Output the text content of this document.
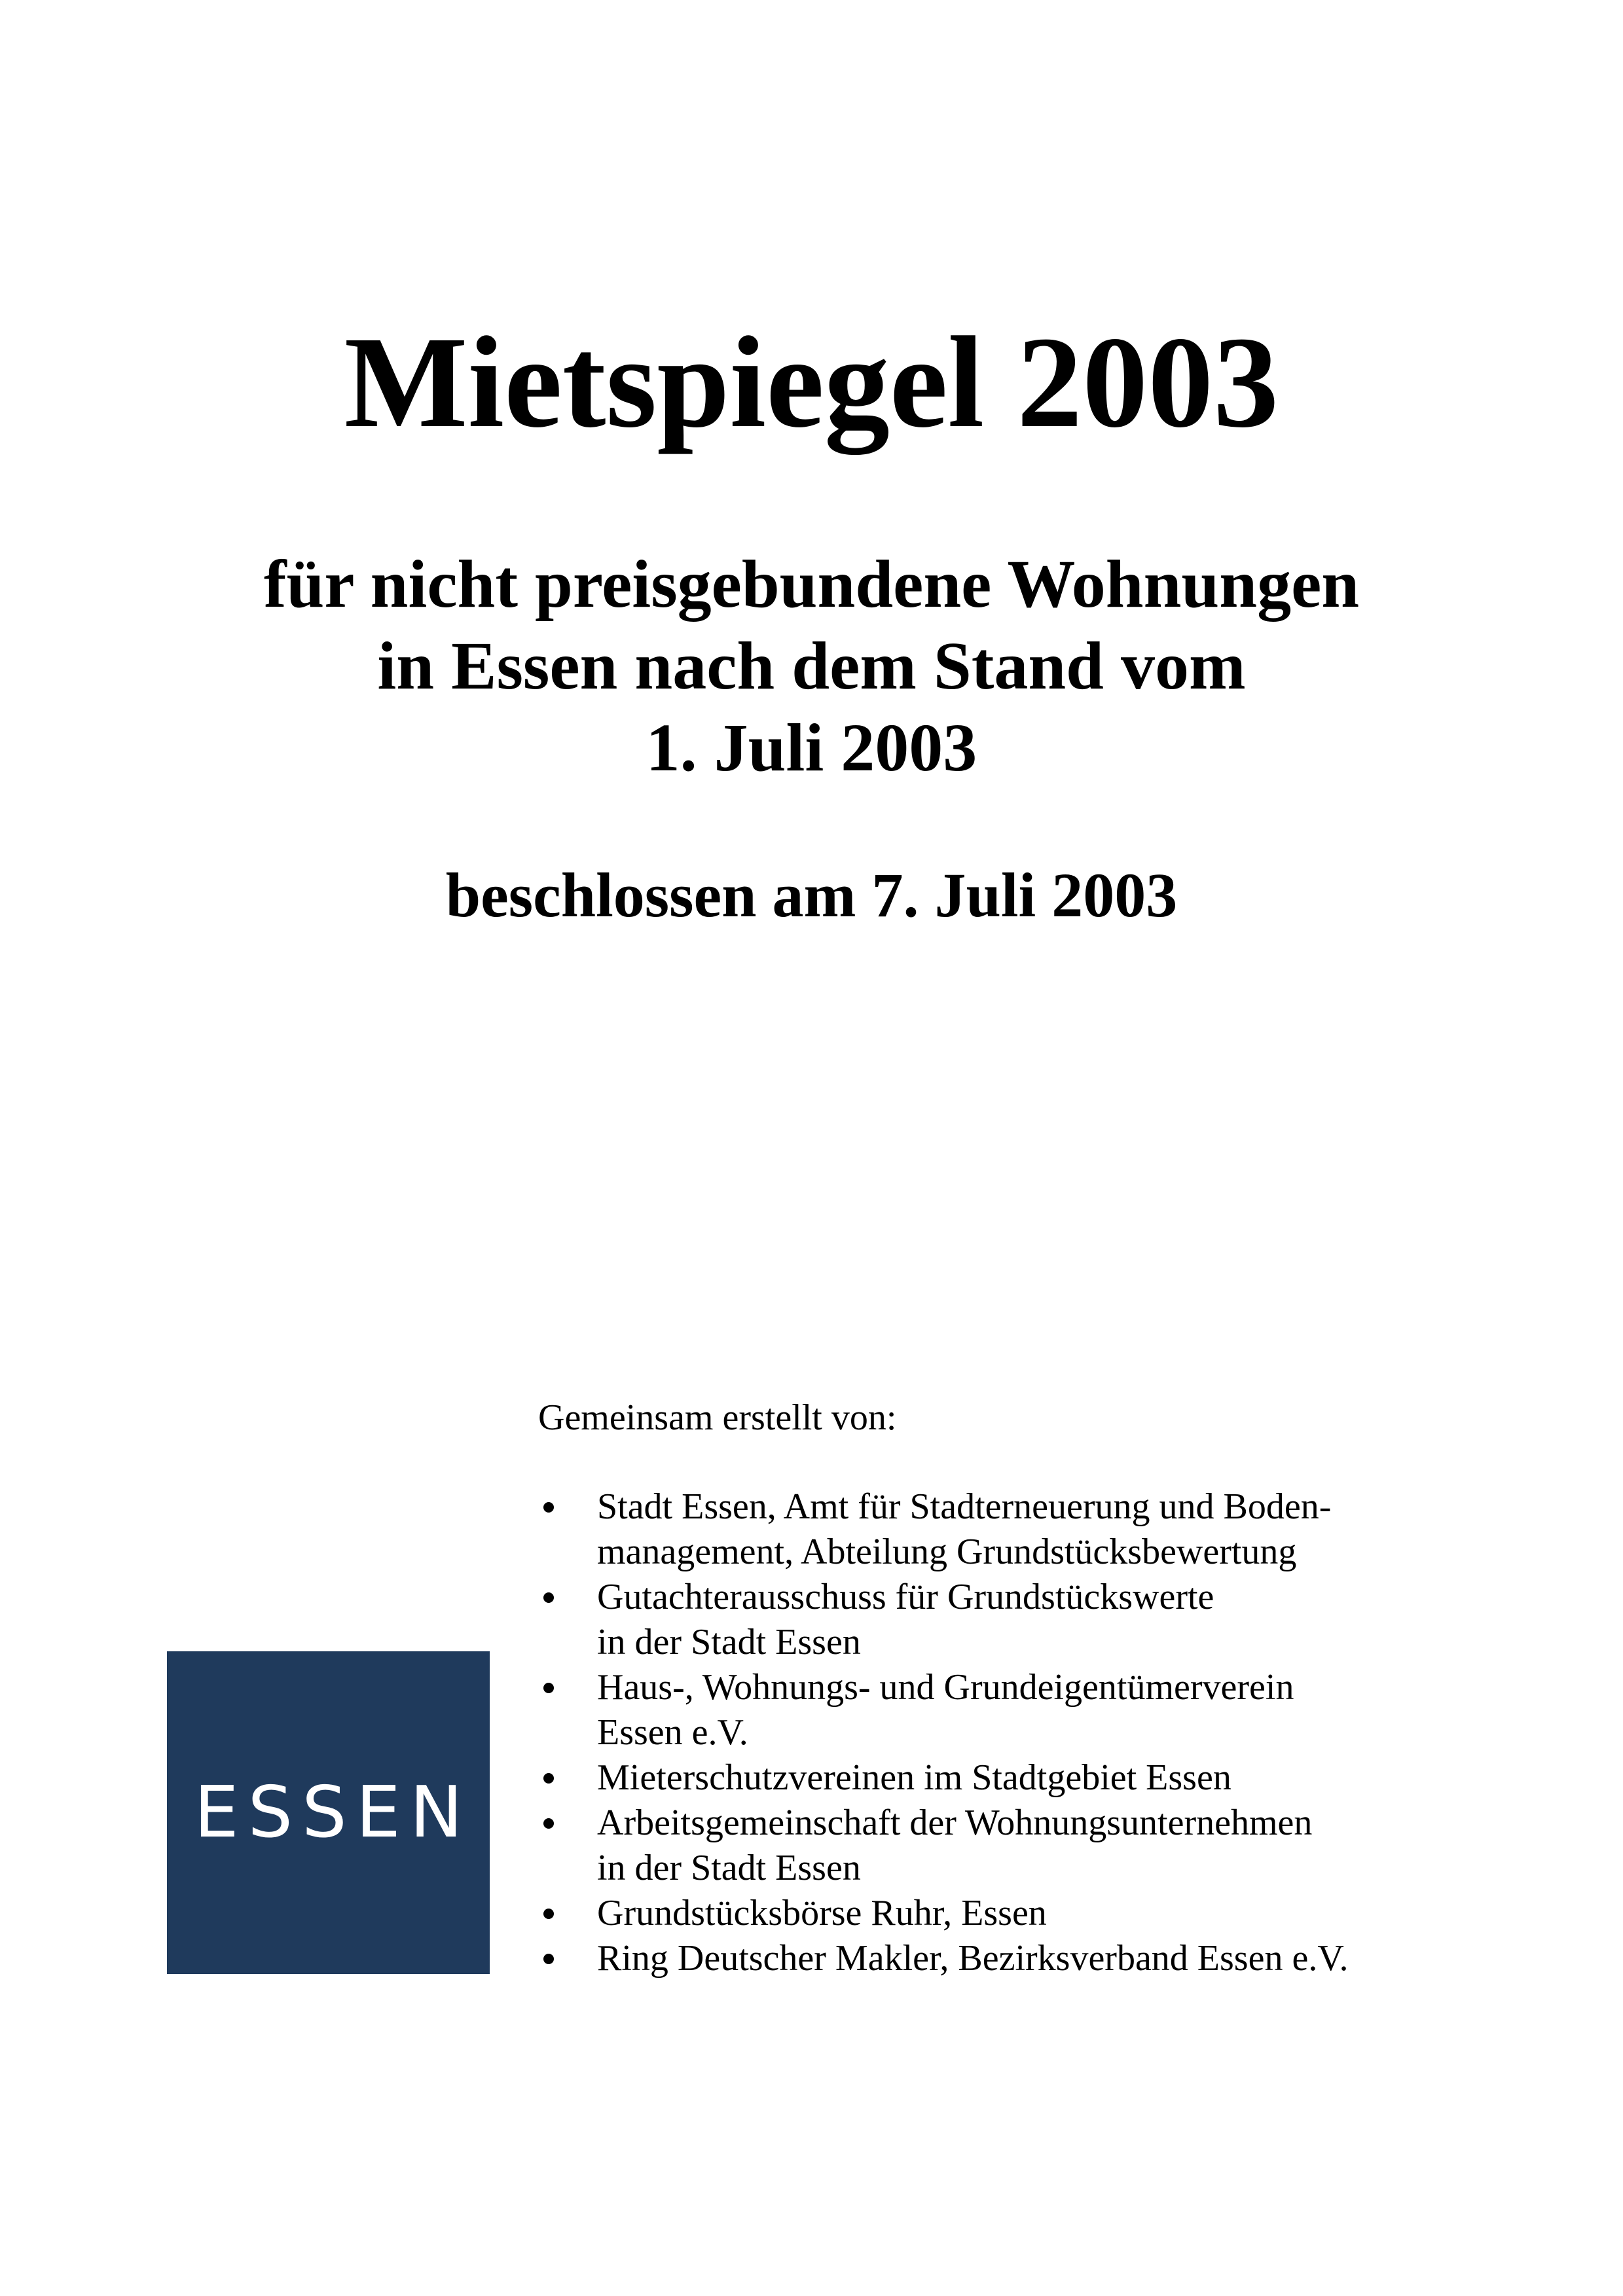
Mietspiegel 2003
für nicht preisgebundene Wohnungen
in Essen nach dem Stand vom
1. Juli 2003
beschlossen am 7. Juli 2003

Gemeinsam erstellt von:

Stadt Essen, Amt für Stadterneuerung und Boden-
management, Abteilung Grundstücksbewertung
Gutachterausschuss für Grundstückswerte
in der Stadt Essen
Haus-, Wohnungs- und Grundeigentümerverein
Essen e.V.
Mieterschutzvereinen im Stadtgebiet Essen
Arbeitsgemeinschaft der Wohnungsunternehmen
in der Stadt Essen
Grundstücksbörse Ruhr, Essen
Ring Deutscher Makler, Bezirksverband Essen e.V.
ESSEN
